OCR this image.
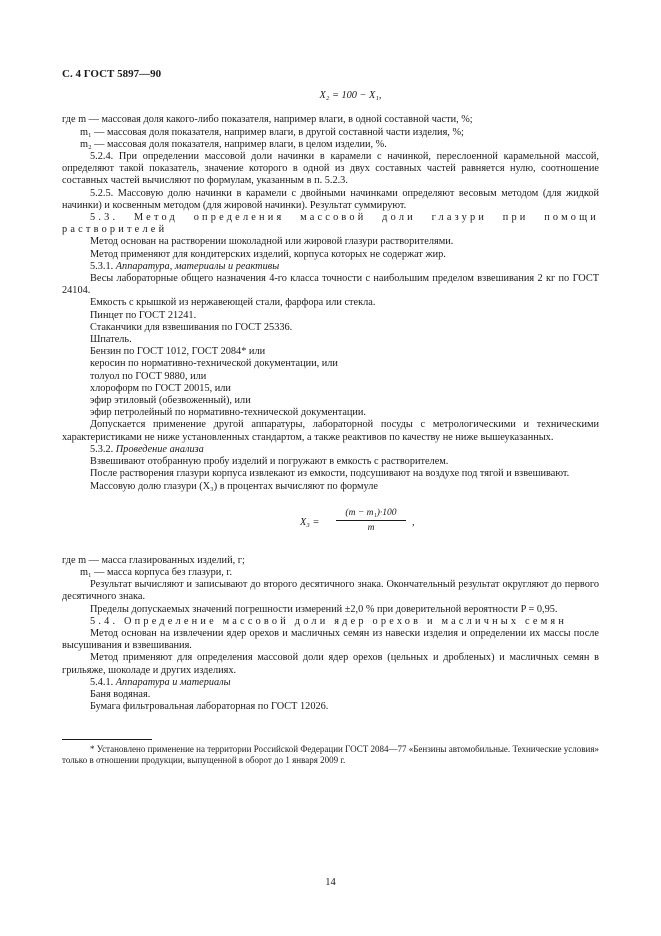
С. 4 ГОСТ 5897—90
X₂ = 100 − X₁,

где m — массовая доля какого-либо показателя, например влаги, в одной составной части, %;

m₁ — массовая доля показателя, например влаги, в другой составной части изделия, %;

m₂ — массовая доля показателя, например влаги, в целом изделии, %.

5.2.4. При определении массовой доли начинки в карамели с начинкой, переслоенной карамельной массой, определяют такой показатель, значение которого в одной из двух составных частей равняется нулю, соотношение составных частей вычисляют по формулам, указанным в п. 5.2.3.

5.2.5. Массовую долю начинки в карамели с двойными начинками определяют весовым методом (для жидкой начинки) и косвенным методом (для жировой начинки). Результат суммируют.

5.3. Метод определения массовой доли глазури при помощи растворителей

Метод основан на растворении шоколадной или жировой глазури растворителями.

Метод применяют для кондитерских изделий, корпуса которых не содержат жир.

5.3.1. Аппаратура, материалы и реактивы

Весы лабораторные общего назначения 4-го класса точности с наибольшим пределом взвешивания 2 кг по ГОСТ 24104.

Емкость с крышкой из нержавеющей стали, фарфора или стекла.

Пинцет по ГОСТ 21241.

Стаканчики для взвешивания по ГОСТ 25336.

Шпатель.

Бензин по ГОСТ 1012, ГОСТ 2084* или

керосин по нормативно-технической документации, или

толуол по ГОСТ 9880, или

хлороформ по ГОСТ 20015, или

эфир этиловый (обезвоженный), или

эфир петролейный по нормативно-технической документации.

Допускается применение другой аппаратуры, лабораторной посуды с метрологическими и техническими характеристиками не ниже установленных стандартом, а также реактивов по качеству не ниже вышеуказанных.

5.3.2. Проведение анализа

Взвешивают отобранную пробу изделий и погружают в емкость с растворителем.

После растворения глазури корпуса извлекают из емкости, подсушивают на воздухе под тягой и взвешивают.

Массовую долю глазури (X₃) в процентах вычисляют по формуле

$X_3 = \frac{\text{(m − m₁)·100}}{m}$ ,

где m — масса глазированных изделий, г;

m₁ — масса корпуса без глазури, г.

Результат вычисляют и записывают до второго десятичного знака. Окончательный результат округляют до первого десятичного знака.

Пределы допускаемых значений погрешности измерений ±2,0 % при доверительной вероятности P = 0,95.

5.4. Определение массовой доли ядер орехов и масличных семян

Метод основан на извлечении ядер орехов и масличных семян из навески изделия и определении их массы после высушивания и взвешивания.

Метод применяют для определения массовой доли ядер орехов (цельных и дробленых) и масличных семян в грильяже, шоколаде и других изделиях.

5.4.1. Аппаратура и материалы

Баня водяная.

Бумага фильтровальная лабораторная по ГОСТ 12026.

* Установлено применение на территории Российской Федерации ГОСТ 2084—77 «Бензины автомобильные. Технические условия» только в отношении продукции, выпущенной в оборот до 1 января 2009 г.

14
